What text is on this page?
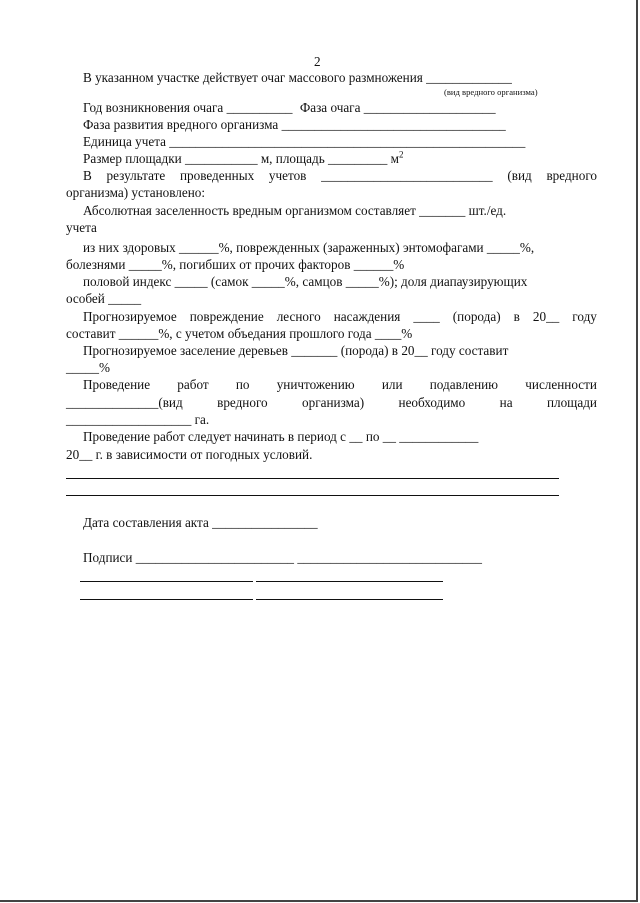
2
В указанном участке действует очаг массового размножения _____________
(вид вредного организма)
Год возникновения очага __________ Фаза очага ____________________
Фаза развития вредного организма __________________________________
Единица учета ______________________________________________________
Размер площадки ___________ м, площадь _________ $м^2$
В результате проведенных учетов __________________________ (вид вредного
организма) установлено:
Абсолютная заселенность вредным организмом составляет _______ шт./ед.
учета
из них здоровых ______%, поврежденных (зараженных) энтомофагами _____%,
болезнями _____%, погибших от прочих факторов ______%
половой индекс _____ (самок _____%, самцов _____%); доля диапаузирующих
особей _____
Прогнозируемое повреждение лесного насаждения ____ (порода) в 20__ году
составит ______%, с учетом объедания прошлого года ____%
Прогнозируемое заселение деревьев _______ (порода) в 20__ году составит
_____%
Проведение работ по уничтожению или подавлению численности
______________(вид	вредного	организма)	необходимо	на	площади
___________________ га.
Проведение работ следует начинать в период с __ по __ ____________
20__ г. в зависимости от погодных условий.
Дата составления акта ________________
Подписи ________________________ ____________________________
